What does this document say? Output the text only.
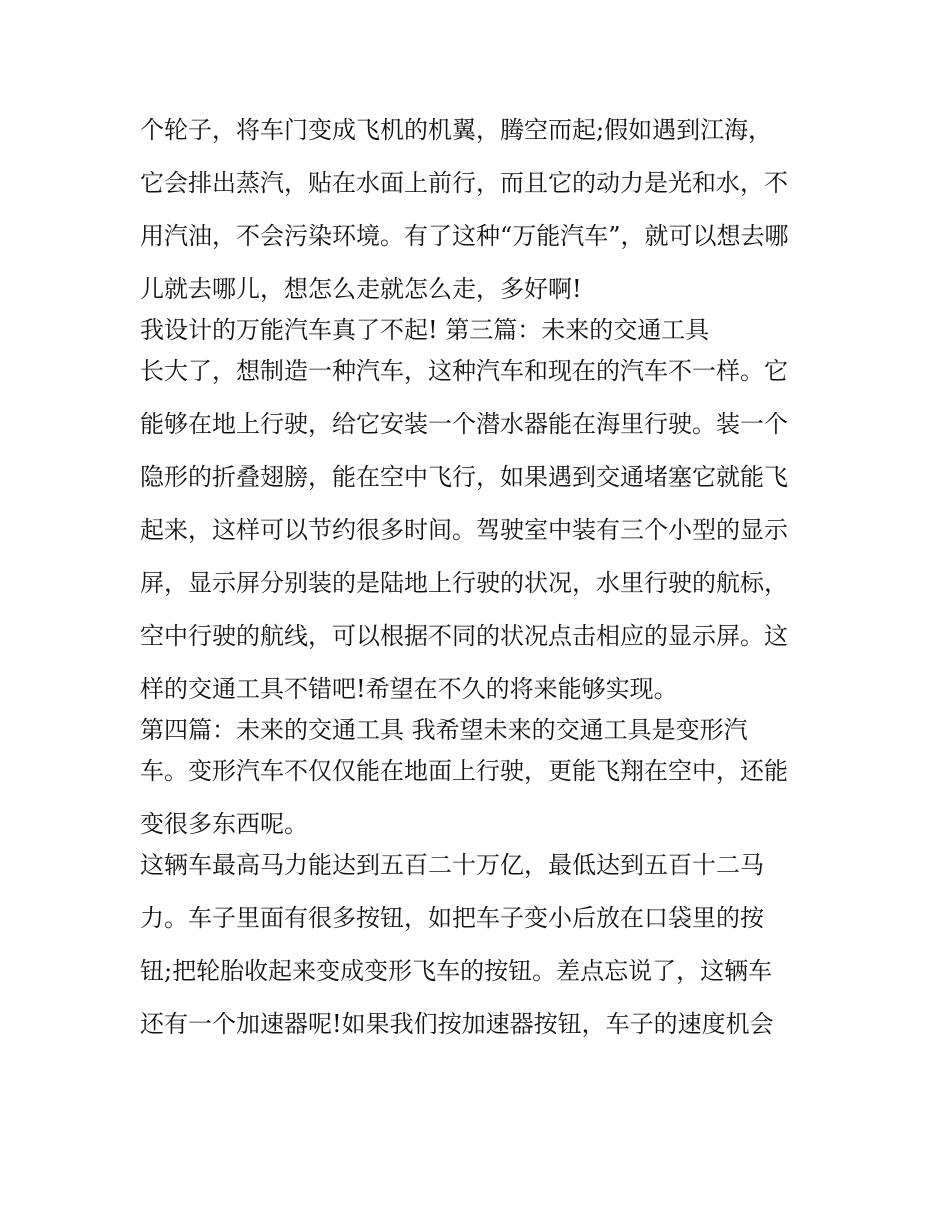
个轮子，将车门变成飞机的机翼，腾空而起;假如遇到江海，
它会排出蒸汽，贴在水面上前行，而且它的动力是光和水，不
用汽油，不会污染环境。有了这种“万能汽车”，就可以想去哪
儿就去哪儿，想怎么走就怎么走，多好啊!
我设计的万能汽车真了不起! 第三篇：未来的交通工具
长大了，想制造一种汽车，这种汽车和现在的汽车不一样。它
能够在地上行驶，给它安装一个潜水器能在海里行驶。装一个
隐形的折叠翅膀，能在空中飞行，如果遇到交通堵塞它就能飞
起来，这样可以节约很多时间。驾驶室中装有三个小型的显示
屏，显示屏分别装的是陆地上行驶的状况，水里行驶的航标，
空中行驶的航线，可以根据不同的状况点击相应的显示屏。这
样的交通工具不错吧!希望在不久的将来能够实现。
第四篇：未来的交通工具 我希望未来的交通工具是变形汽
车。变形汽车不仅仅能在地面上行驶，更能飞翔在空中，还能
变很多东西呢。
这辆车最高马力能达到五百二十万亿，最低达到五百十二马
力。车子里面有很多按钮，如把车子变小后放在口袋里的按
钮;把轮胎收起来变成变形飞车的按钮。差点忘说了，这辆车
还有一个加速器呢!如果我们按加速器按钮，车子的速度机会
